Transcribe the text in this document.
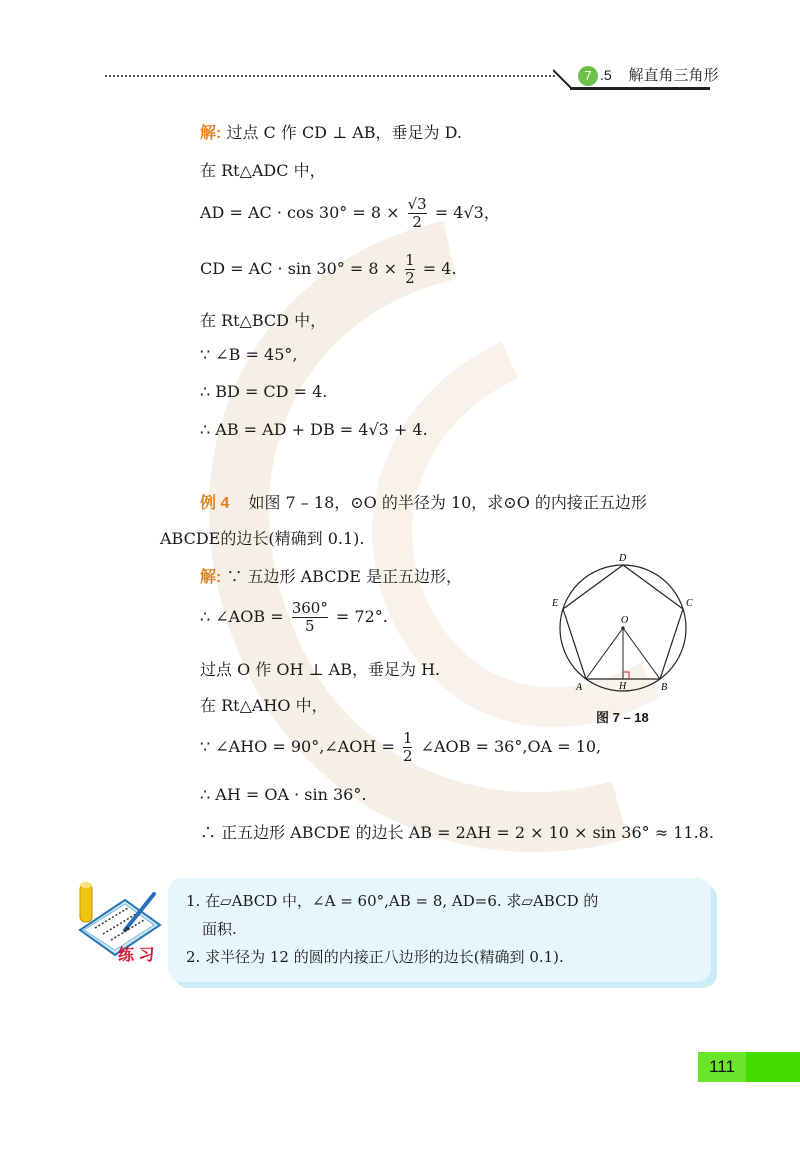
7 .5 解直角三角形
解: 过点 C 作 CD ⊥ AB，垂足为 D.
在 Rt△ADC 中，
AD = AC · $\cos 30^\circ = 8 \times \frac{√3}{2} = 4√3$，
CD = AC · $\sin 30^\circ = 8 \times \frac{1}{2} = 4$.
在 Rt△BCD 中，
∵ ∠B = 45°,
∴ BD = CD = 4.
∴ AB = AD + DB = 4√3 + 4.
例 4 如图 7 – 18，⊙O 的半径为 10，求⊙O 的内接正五边形
ABCDE的边长(精确到 0.1).
解: ∵ 五边形 ABCDE 是正五边形，
∴ ∠AOB = $\frac{360^\circ}{5} = 72^\circ$.
过点 O 作 OH ⊥ AB，垂足为 H.
在 Rt△AHO 中，
∵ ∠AHO = 90°,∠AOH = $\frac{1}{2}$ ∠AOB = 36°,OA = 10,
∴ AH = OA · sin 36°.
∴ 正五边形 ABCDE 的边长 AB = 2AH = 2 × 10 × sin 36° ≈ 11.8.
D
C
E
O
A	H	B
图 7 – 18
练 习
1. 在▱ABCD 中，∠A = 60°,AB = 8, AD=6. 求▱ABCD 的
面积.
2. 求半径为 12 的圆的内接正八边形的边长(精确到 0.1).
111
